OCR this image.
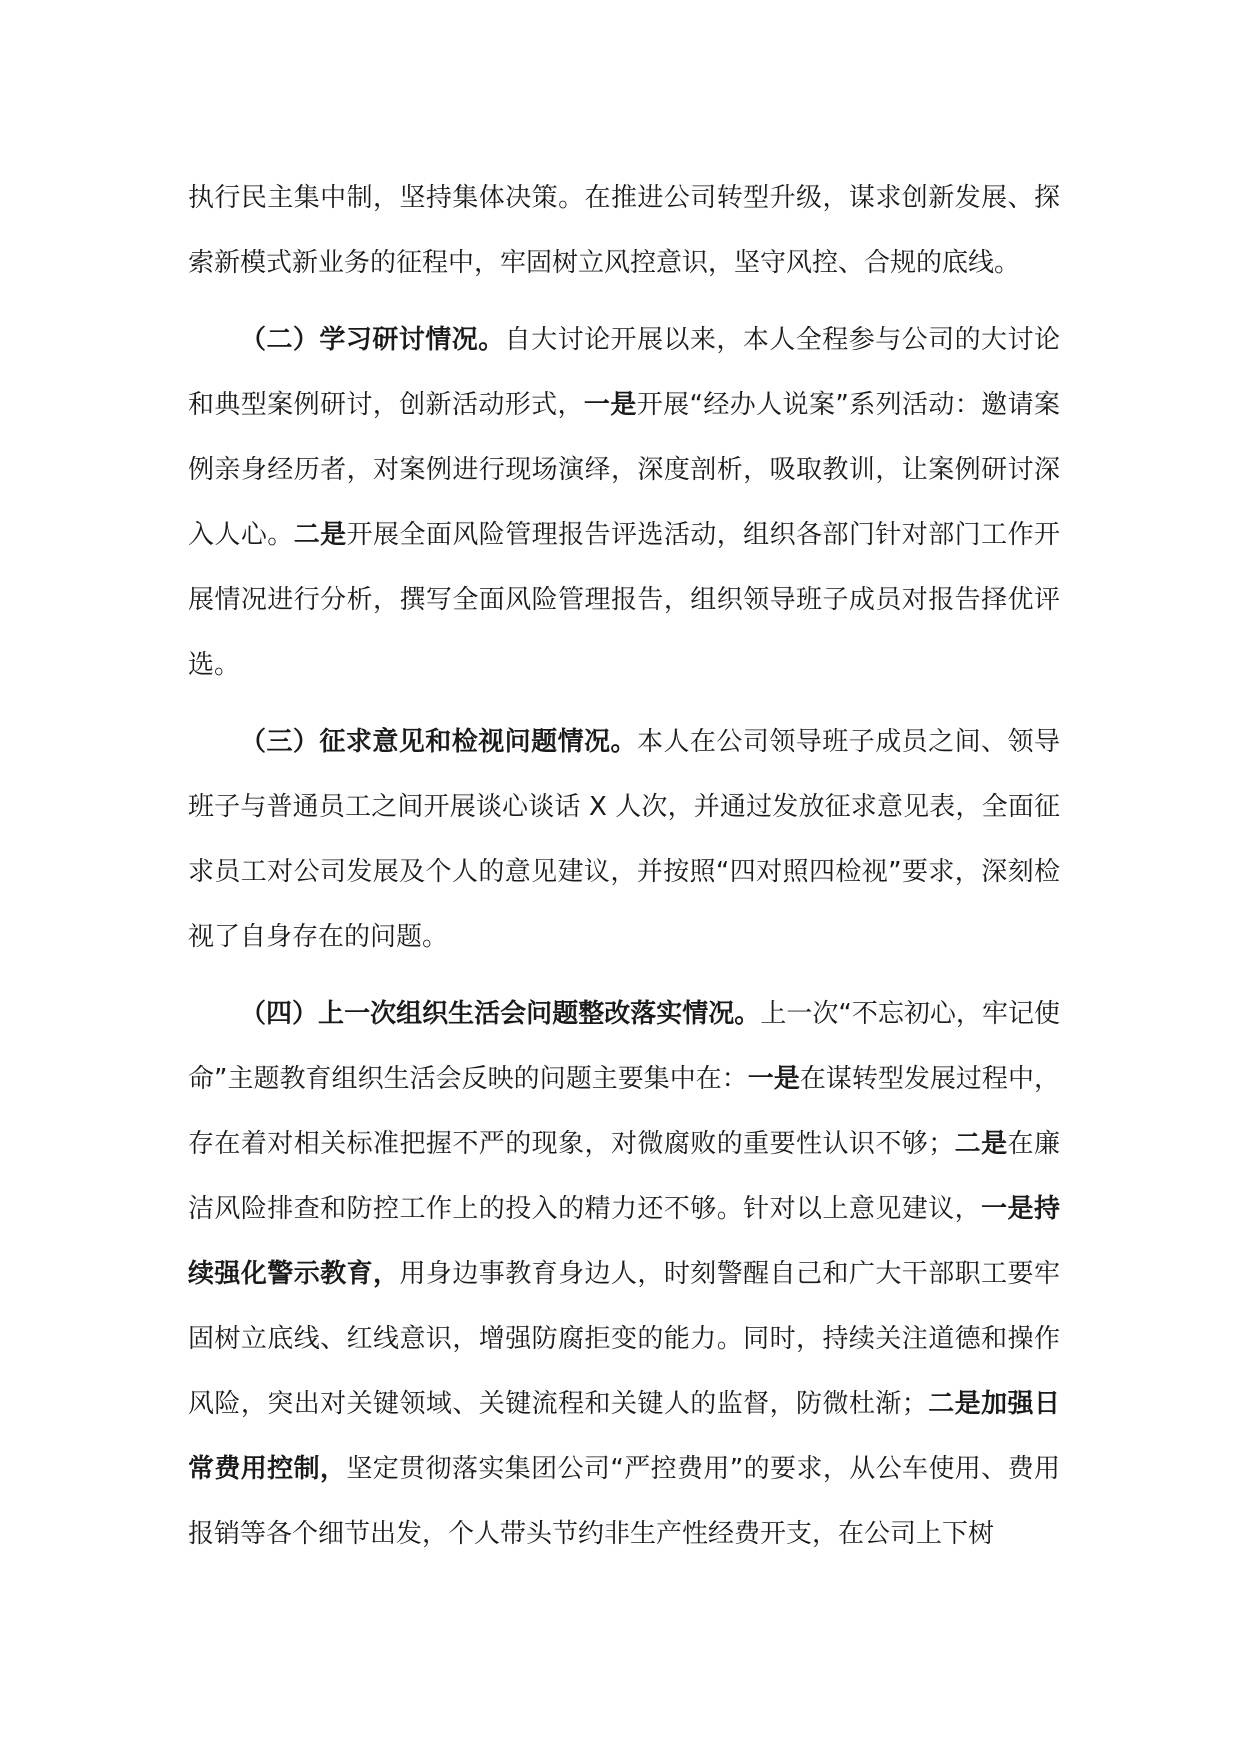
执行民主集中制，坚持集体决策。在推进公司转型升级，谋求创新发展、探索新模式新业务的征程中，牢固树立风控意识，坚守风控、合规的底线。

（二）学习研讨情况。自大讨论开展以来，本人全程参与公司的大讨论和典型案例研讨，创新活动形式，一是开展“经办人说案”系列活动：邀请案例亲身经历者，对案例进行现场演绎，深度剖析，吸取教训，让案例研讨深入人心。二是开展全面风险管理报告评选活动，组织各部门针对部门工作开展情况进行分析，撰写全面风险管理报告，组织领导班子成员对报告择优评选。

（三）征求意见和检视问题情况。本人在公司领导班子成员之间、领导班子与普通员工之间开展谈心谈话 X 人次，并通过发放征求意见表，全面征求员工对公司发展及个人的意见建议，并按照“四对照四检视”要求，深刻检视了自身存在的问题。

（四）上一次组织生活会问题整改落实情况。上一次“不忘初心，牢记使命”主题教育组织生活会反映的问题主要集中在：一是在谋转型发展过程中，存在着对相关标准把握不严的现象，对微腐败的重要性认识不够；二是在廉洁风险排查和防控工作上的投入的精力还不够。针对以上意见建议，一是持续强化警示教育，用身边事教育身边人，时刻警醒自己和广大干部职工要牢固树立底线、红线意识，增强防腐拒变的能力。同时，持续关注道德和操作风险，突出对关键领域、关键流程和关键人的监督，防微杜渐；二是加强日常费用控制，坚定贯彻落实集团公司“严控费用”的要求，从公车使用、费用报销等各个细节出发，个人带头节约非生产性经费开支，在公司上下树
